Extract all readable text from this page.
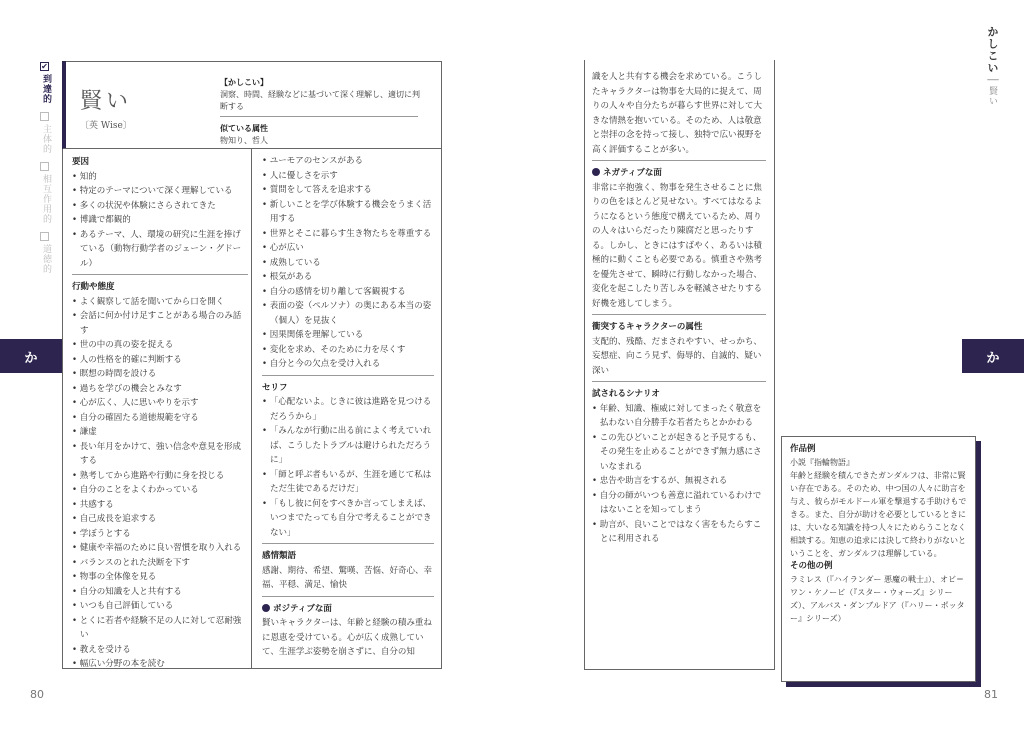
80	81
✔
到達的
主体的
相互作用的
道徳的
か	か
かしこい｜賢い
賢い
〔英 Wise〕
【かしこい】
洞察、時間、経験などに基づいて深く理解し、適切に判断する
似ている属性
物知り、哲人
要因
• 知的
• 特定のテーマについて深く理解している
• 多くの状況や体験にさらされてきた
• 博識で都観的
• あるテーマ、人、環境の研究に生涯を捧げている（動物行動学者のジェーン・グドール）
行動や態度
• よく観察して話を聞いてから口を開く
• 会話に何か付け足すことがある場合のみ話す
• 世の中の真の姿を捉える
• 人の性格を的確に判断する
• 瞑想の時間を設ける
• 過ちを学びの機会とみなす
• 心が広く、人に思いやりを示す
• 自分の確固たる道徳規範を守る
• 謙虚
• 長い年月をかけて、強い信念や意見を形成する
• 熟考してから進路や行動に身を投じる
• 自分のことをよくわかっている
• 共感する
• 自己成長を追求する
• 学ぼうとする
• 健康や幸福のために良い習慣を取り入れる
• バランスのとれた決断を下す
• 物事の全体像を見る
• 自分の知識を人と共有する
• いつも自己評価している
• とくに若者や経験不足の人に対して忍耐強い
• 教えを受ける
• 幅広い分野の本を読む
• ユーモアのセンスがある
• 人に優しさを示す
• 質問をして答えを追求する
• 新しいことを学び体験する機会をうまく活用する
• 世界とそこに暮らす生き物たちを尊重する
• 心が広い
• 成熟している
• 根気がある
• 自分の感情を切り離して客観視する
• 表面の姿（ペルソナ）の奥にある本当の姿（個人）を見抜く
• 因果関係を理解している
• 変化を求め、そのために力を尽くす
• 自分と今の欠点を受け入れる
セリフ
• 「心配ないよ。じきに彼は進路を見つけるだろうから」
• 「みんなが行動に出る前によく考えていれば、こうしたトラブルは避けられただろうに」
• 「師と呼ぶ者もいるが、生涯を通じて私はただ生徒であるだけだ」
• 「もし彼に何をすべきか言ってしまえば、いつまでたっても自分で考えることができない」
感情類語

感謝、期待、希望、驚嘆、苦悩、好奇心、幸福、平穏、満足、愉快

ポジティブな面

賢いキャラクターは、年齢と経験の積み重ねに恩恵を受けている。心が広く成熟していて、生涯学ぶ姿勢を崩さずに、自分の知

識を人と共有する機会を求めている。こうしたキャラクターは物事を大局的に捉えて、周りの人々や自分たちが暮らす世界に対して大きな情熱を抱いている。そのため、人は敬意と崇拝の念を持って接し、独特で広い視野を高く評価することが多い。

ネガティブな面

非常に辛抱強く、物事を発生させることに焦りの色をほとんど見せない。すべてはなるようになるという態度で構えているため、周りの人々はいらだったり陳腐だと思ったりする。しかし、ときにはすばやく、あるいは積極的に動くことも必要である。慎重さや熟考を優先させて、瞬時に行動しなかった場合、変化を起こしたり苦しみを軽減させたりする好機を逃してしまう。

衝突するキャラクターの属性

支配的、残酷、だまされやすい、せっかち、妄想症、向こう見ず、侮辱的、自滅的、疑い深い

試されるシナリオ
• 年齢、知識、権威に対してまったく敬意を払わない自分勝手な若者たちとかかわる
• この先ひどいことが起きると予見するも、その発生を止めることができず無力感にさいなまれる
• 忠告や助言をするが、無視される
• 自分の師がいつも善意に溢れているわけではないことを知ってしまう
• 助言が、良いことではなく害をもたらすことに利用される
作品例
小説『指輪物語』
年齢と経験を積んできたガンダルフは、非常に賢い存在である。そのため、中つ国の人々に助言を与え、彼らがモルドール軍を撃退する手助けもできる。また、自分が助けを必要としているときには、大いなる知識を持つ人々にためらうことなく相談する。知恵の追求には決して終わりがないということを、ガンダルフは理解している。
その他の例
ラミレス（『ハイランダー 悪魔の戦士』）、オビ＝ワン・ケノービ（『スター・ウォーズ』シリーズ）、アルバス・ダンブルドア（『ハリー・ポッター』シリーズ）
